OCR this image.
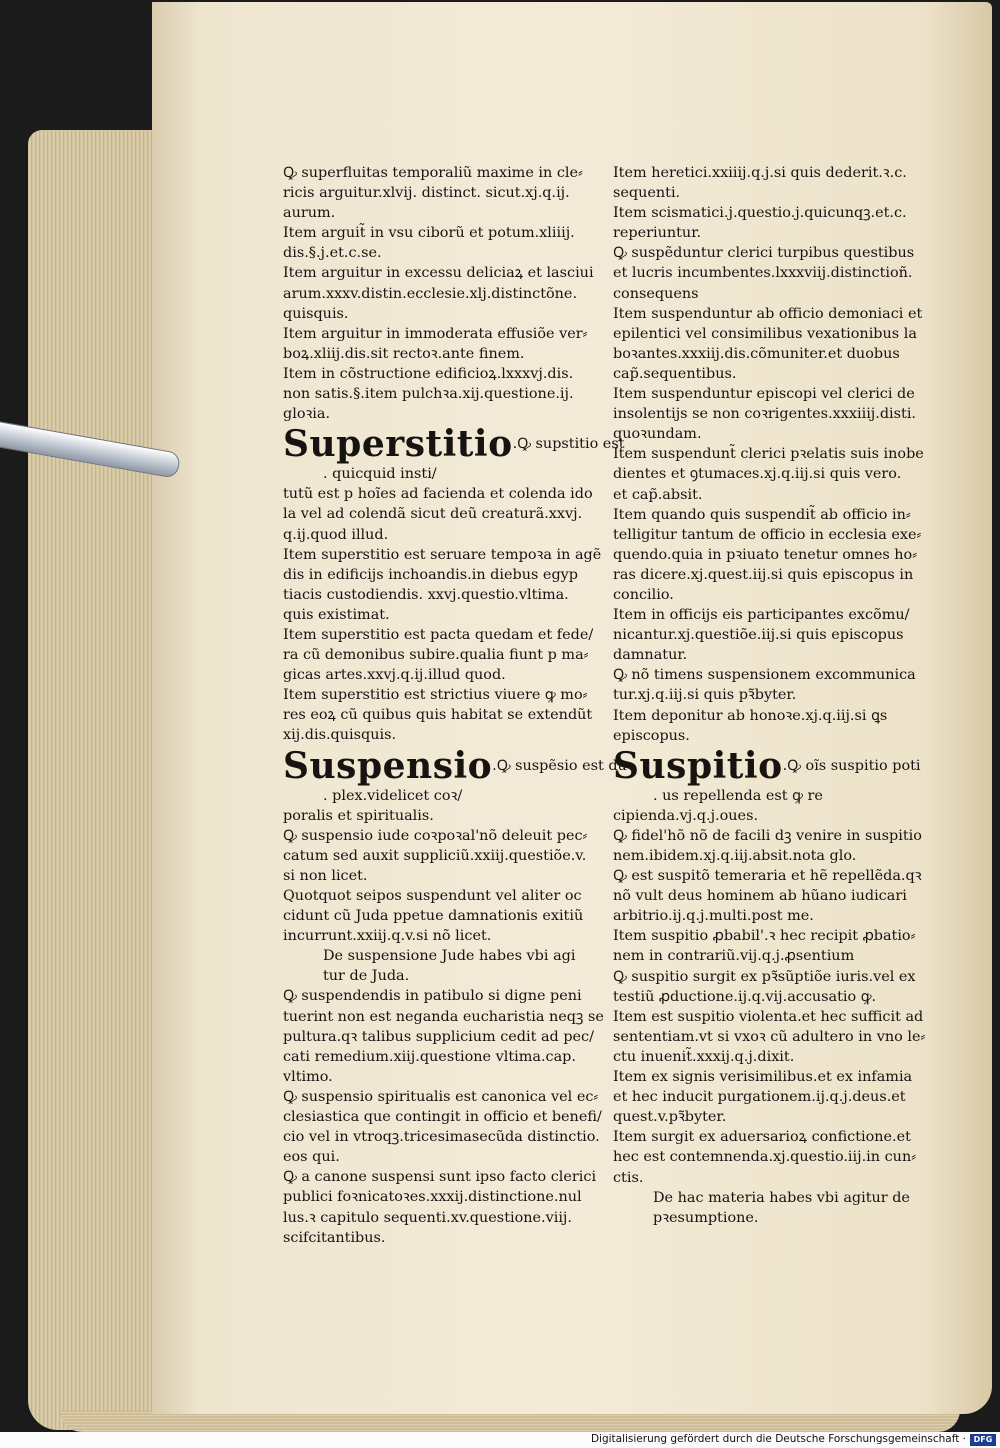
Ꝙ superfluitas temporaliũ maxime in cle⸗
ricis arguitur.xlvij. distinct. sicut.xj.q.ij.
aurum.
Item arguit̃ in vsu ciborũ et potum.xliiij.
dis.§.j.et.c.se.
Item arguitur in excessu deliciaꝝ et lasciui
arum.xxxv.distin.ecclesie.xlj.distinctõne.
quisquis.
Item arguitur in immoderata effusiõe ver⸗
boꝝ.xliij.dis.sit rectoꝛ.ante finem.
Item in cõstructione edificioꝝ.lxxxvj.dis.
non satis.§.item pulchꝛa.xij.questione.ij.
gloꝛia.
Superstitio.Ꝙ supstitio est
. quicquid insti/
tutũ est p hoĩes ad facienda et colenda ido
la vel ad colendã sicut deũ creaturã.xxvj.
q.ij.quod illud.
Item superstitio est seruare tempoꝛa in agẽ
dis in edificijs inchoandis.in diebus egyp
tiacis custodiendis. xxvj.questio.vltima.
quis existimat.
Item superstitio est pacta quedam et fede/
ra cũ demonibus subire.qualia fiunt p ma⸗
gicas artes.xxvj.q.ij.illud quod.
Item superstitio est strictius viuere ꝙ mo⸗
res eoꝝ cũ quibus quis habitat se extendũt
xij.dis.quisquis.
Suspensio.Ꝙ suspẽsio est du
. plex.videlicet coꝛ/
poralis et spiritualis.
Ꝙ suspensio iude coꝛpoꝛal'nõ deleuit pec⸗
catum sed auxit suppliciũ.xxiij.questiõe.v.
si non licet.
Quotquot seipos suspendunt vel aliter oc
cidunt cũ Juda ppetue damnationis exitiũ
incurrunt.xxiij.q.v.si nõ licet.
De suspensione Jude habes vbi agi
tur de Juda.
Ꝙ suspendendis in patibulo si digne peni
tuerint non est neganda eucharistia neqꝫ se
pultura.qꝛ talibus supplicium cedit ad pec/
cati remedium.xiij.questione vltima.cap.
vltimo.
Ꝙ suspensio spiritualis est canonica vel ec⸗
clesiastica que contingit in officio et benefi/
cio vel in vtroqꝫ.tricesimasecũda distinctio.
eos qui.
Ꝙ a canone suspensi sunt ipso facto clerici
publici foꝛnicatoꝛes.xxxij.distinctione.nul
lus.ꝛ capitulo sequenti.xv.questione.viij.
scifcitantibus.
Item heretici.xxiiij.q.j.si quis dederit.ꝛ.c.
sequenti.
Item scismatici.j.questio.j.quicunqꝫ.et.c.
reperiuntur.
Ꝙ suspẽduntur clerici turpibus questibus
et lucris incumbentes.lxxxviij.distinctioñ.
consequens
Item suspenduntur ab officio demoniaci et
epilentici vel consimilibus vexationibus la
boꝛantes.xxxiij.dis.cõmuniter.et duobus
cap̃.sequentibus.
Item suspenduntur episcopi vel clerici de
insolentijs se non coꝛrigentes.xxxiiij.disti.
quoꝛundam.
Item suspendunt̃ clerici pꝛelatis suis inobe
dientes et ꝯtumaces.xj.q.iij.si quis vero.
et cap̃.absit.
Item quando quis suspendit̃ ab officio in⸗
telligitur tantum de officio in ecclesia exe⸗
quendo.quia in pꝛiuato tenetur omnes ho⸗
ras dicere.xj.quest.iij.si quis episcopus in
concilio.
Item in officijs eis participantes excõmu/
nicantur.xj.questiõe.iij.si quis episcopus
damnatur.
Ꝙ nõ timens suspensionem excommunica
tur.xj.q.iij.si quis pꝛ̃byter.
Item deponitur ab honoꝛe.xj.q.iij.si ꝗs
episcopus.
Suspitio.Ꝙ oĩs suspitio poti
. us repellenda est ꝙ re
cipienda.vj.q.j.oues.
Ꝙ fidel'hõ nõ de facili dꝫ venire in suspitio
nem.ibidem.xj.q.iij.absit.nota glo.
Ꝙ est suspitõ temeraria et hẽ repellẽda.qꝛ
nõ vult deus hominem ab hũano iudicari
arbitrio.ij.q.j.multi.post me.
Item suspitio ꝓbabil'.ꝛ hec recipit ꝓbatio⸗
nem in contrariũ.vij.q.j.ꝓsentium
Ꝙ suspitio surgit ex pꝛ̃sũptiõe iuris.vel ex
testiũ ꝓductione.ij.q.vij.accusatio ꝙ.
Item est suspitio violenta.et hec sufficit ad
sententiam.vt si vxoꝛ cũ adultero in vno le⸗
ctu inuenit̃.xxxij.q.j.dixit.
Item ex signis verisimilibus.et ex infamia
et hec inducit purgationem.ij.q.j.deus.et
quest.v.pꝛ̃byter.
Item surgit ex aduersarioꝝ confictione.et
hec est contemnenda.xj.questio.iij.in cun⸗
ctis.
De hac materia habes vbi agitur de
pꝛesumptione.
Digitalisierung gefördert durch die Deutsche Forschungsgemeinschaft · DFG
